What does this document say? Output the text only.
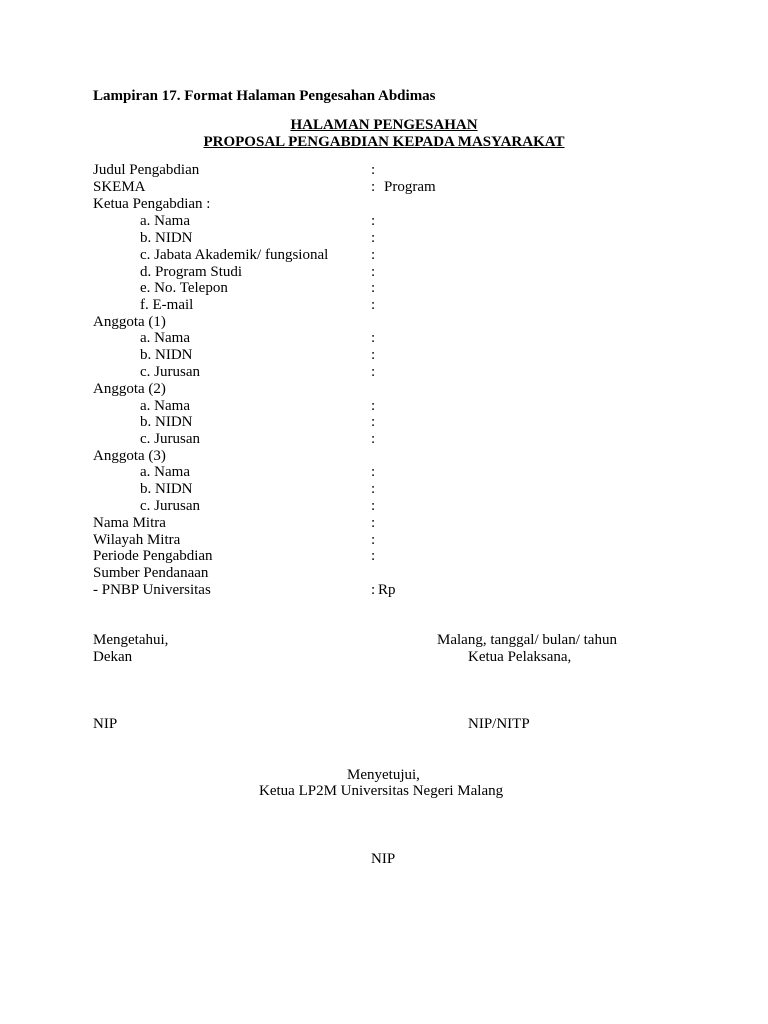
Lampiran 17. Format Halaman Pengesahan Abdimas
HALAMAN PENGESAHAN
PROPOSAL PENGABDIAN KEPADA MASYARAKAT
Judul Pengabdian	:
SKEMA	: Program
Ketua Pengabdian :
a. Nama	:
b. NIDN	:
c. Jabata Akademik/ fungsional	:
d. Program Studi	:
e. No. Telepon	:
f. E-mail	:
Anggota (1)
a. Nama	:
b. NIDN	:
c. Jurusan	:
Anggota (2)
a. Nama	:
b. NIDN	:
c. Jurusan	:
Anggota (3)
a. Nama	:
b. NIDN	:
c. Jurusan	:
Nama Mitra	:
Wilayah Mitra	:
Periode Pengabdian	:
Sumber Pendanaan
- PNBP Universitas	: Rp
Mengetahui,
Dekan
NIP
Malang, tanggal/ bulan/ tahun
Ketua Pelaksana,
NIP/NITP
Menyetujui,
Ketua LP2M Universitas Negeri Malang
NIP
